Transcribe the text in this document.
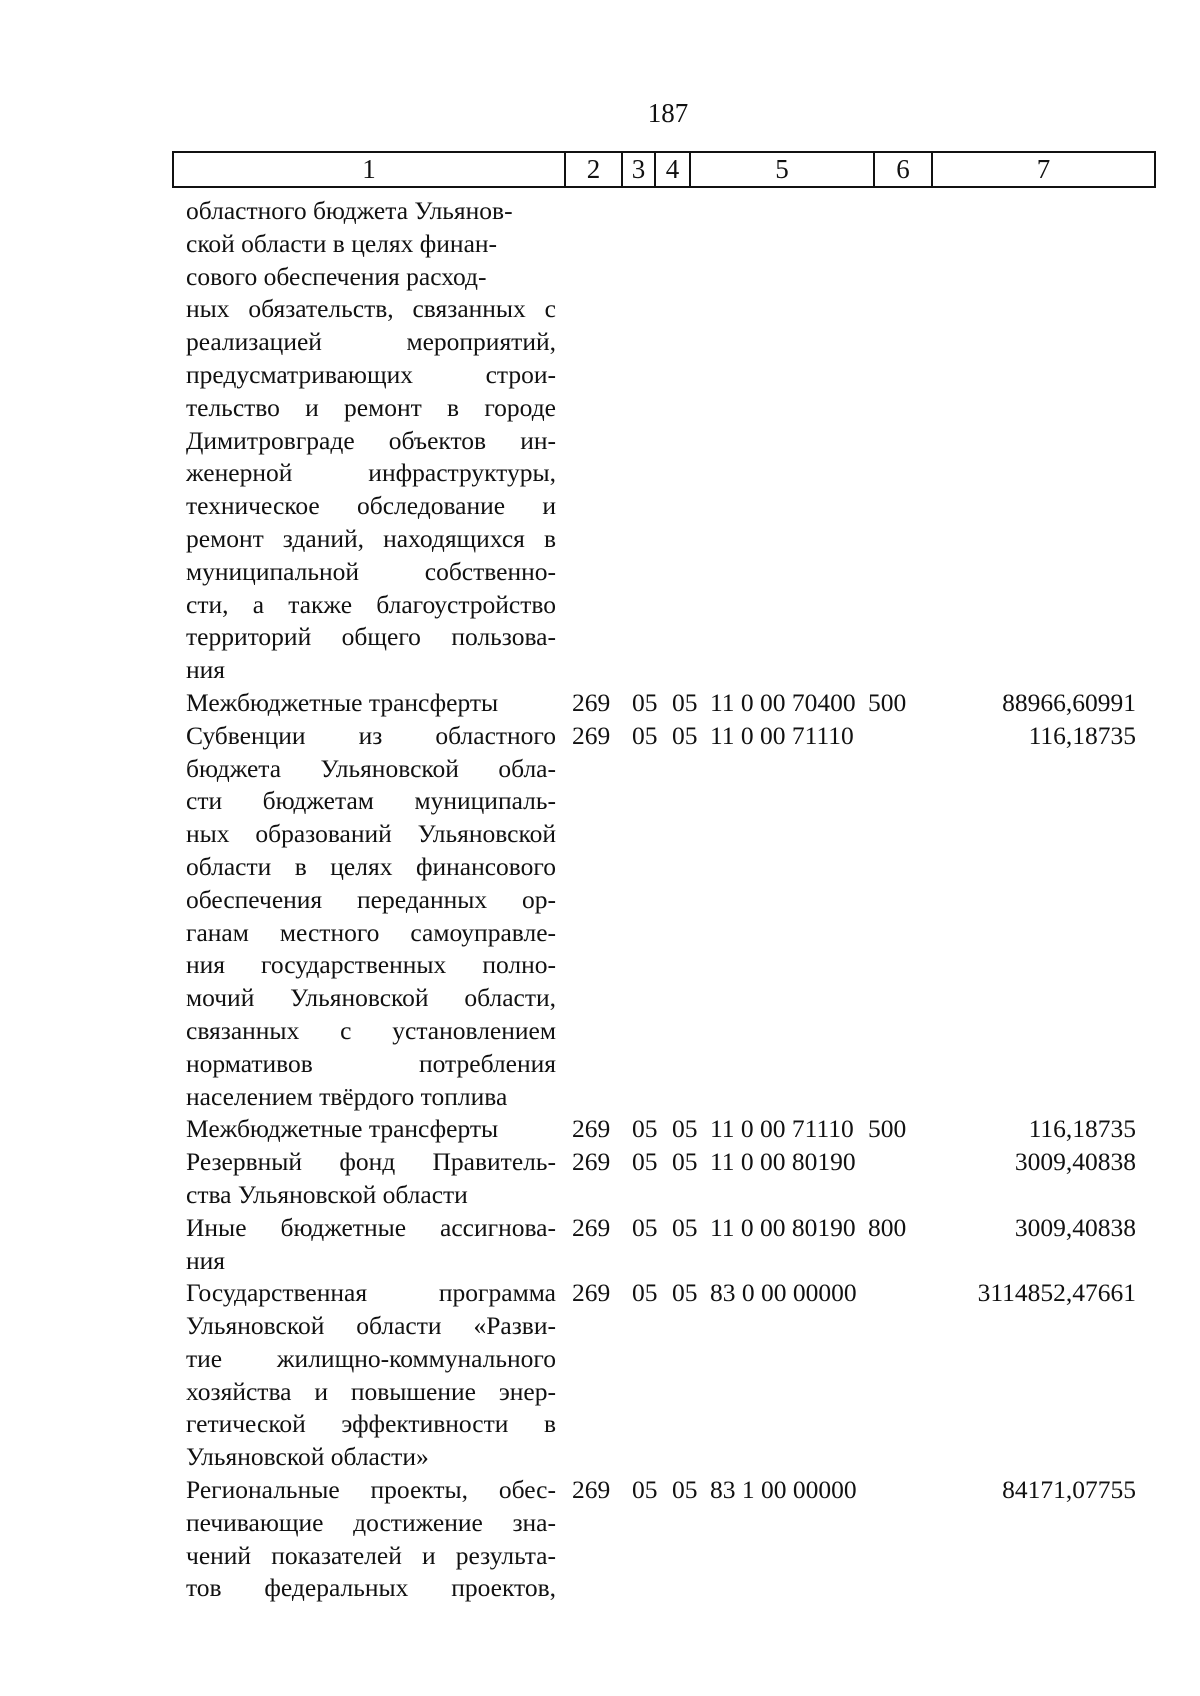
187
1	2	3 4	5	6	7
областного бюджета Ульянов-
ской области в целях финан-
сового обеспечения расход-
ных обязательств, связанных с
реализацией мероприятий,
предусматривающих строи-
тельство и ремонт в городе
Димитровграде объектов ин-
женерной инфраструктуры,
техническое обследование и
ремонт зданий, находящихся в
муниципальной собственно-
сти, а также благоустройство
территорий общего пользова-
ния
Межбюджетные трансферты	269 05 05 11 0 00 70400 500	88966,60991
Субвенции из областного
бюджета Ульяновской обла-
сти бюджетам муниципаль-
ных образований Ульяновской
области в целях финансового
обеспечения переданных ор-
ганам местного самоуправле-
ния государственных полно-
мочий Ульяновской области,
связанных с установлением
нормативов потребления
населением твёрдого топлива
269 05 05 11 0 00 71110	116,18735
Межбюджетные трансферты	269 05 05 11 0 00 71110 500	116,18735
Резервный фонд Правитель-
ства Ульяновской области
269 05 05 11 0 00 80190	3009,40838
Иные бюджетные ассигнова-
ния
269 05 05 11 0 00 80190 800	3009,40838
Государственная программа
Ульяновской области «Разви-
тие жилищно-коммунального
хозяйства и повышение энер-
гетической эффективности в
Ульяновской области»
269 05 05 83 0 00 00000	3114852,47661
Региональные проекты, обес-
печивающие достижение зна-
чений показателей и результа-
тов федеральных проектов,
269 05 05 83 1 00 00000	84171,07755
